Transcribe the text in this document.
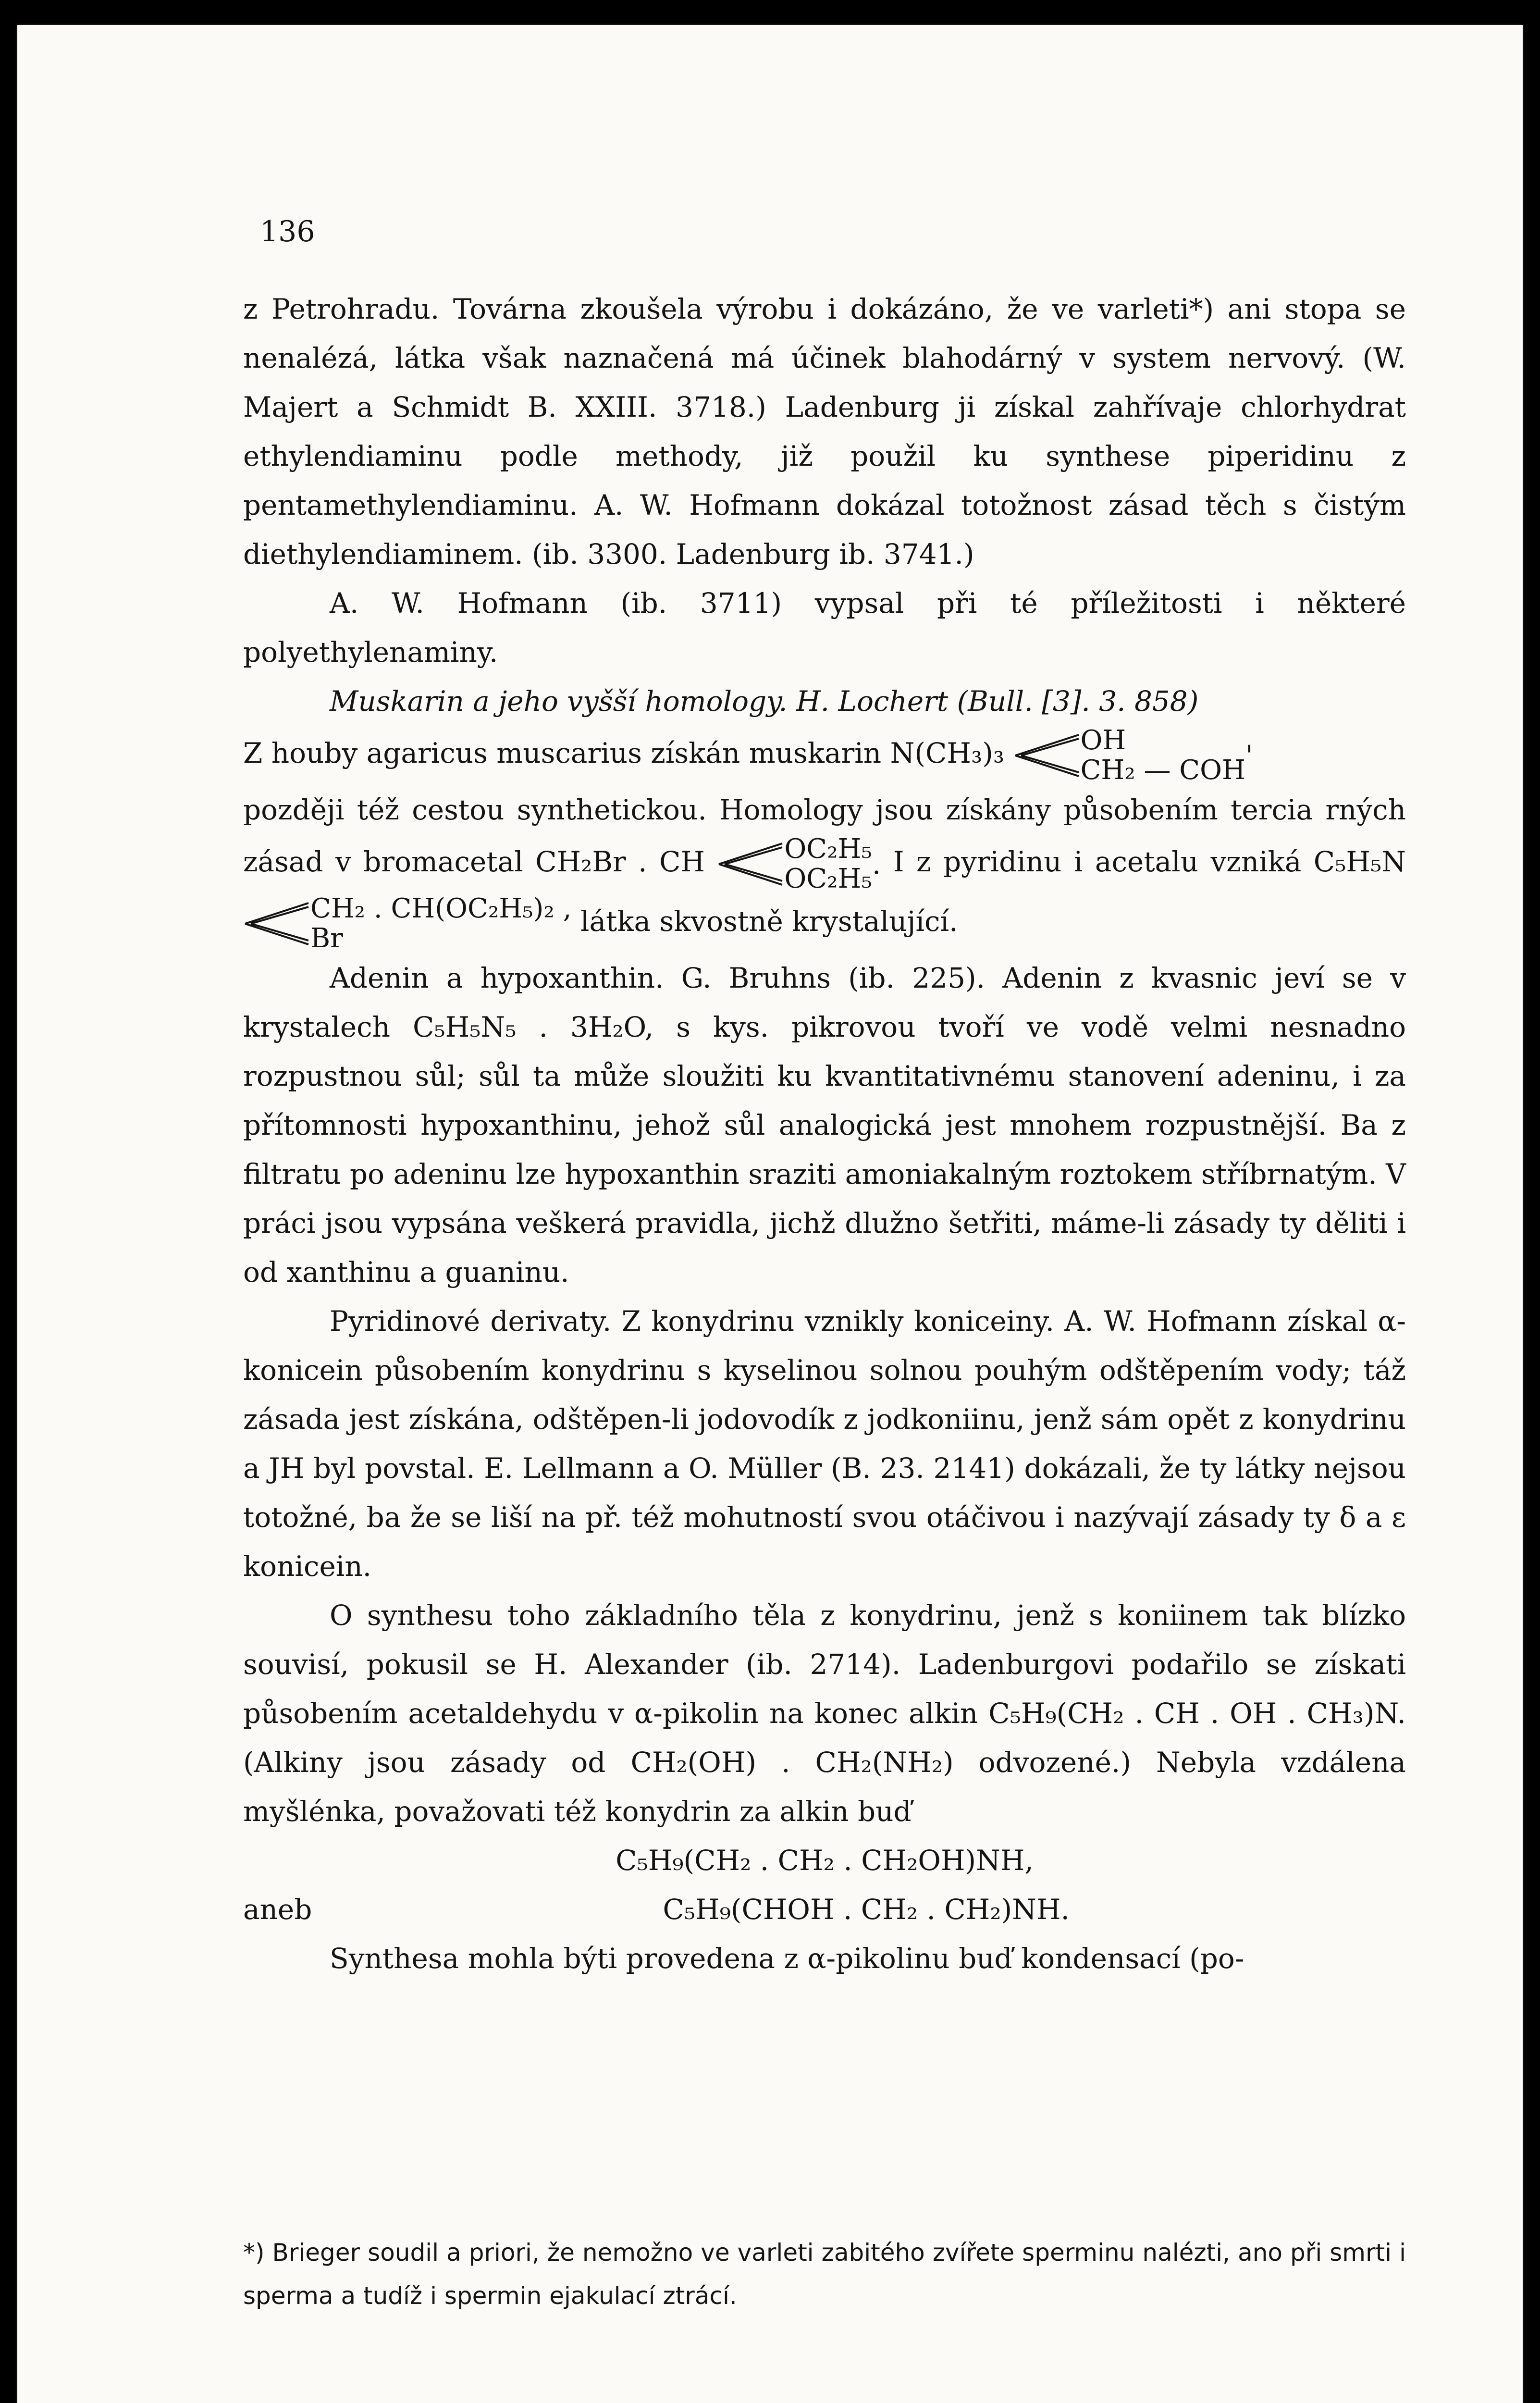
136

z Petrohradu. Továrna zkoušela výrobu i dokázáno, že ve varleti*) ani stopa se nenalézá, látka však naznačená má účinek blahodárný v system nervový. (W. Majert a Schmidt B. XXIII. 3718.) Ladenburg ji získal zahřívaje chlorhydrat ethylendiaminu podle methody, již použil ku synthese piperidinu z pentamethylendiaminu. A. W. Hofmann dokázal totožnost zásad těch s čistým diethylendiaminem. (ib. 3300. Ladenburg ib. 3741.)

A. W. Hofmann (ib. 3711) vypsal při té příležitosti i některé polyethylenaminy.

Muskarin a jeho vyšší homology. H. Lochert (Bull. [3]. 3. 858)

Z houby agaricus muscarius získán muskarin N(CH₃)₃	OH
CH₂ — COH '

později též cestou synthetickou. Homology jsou získány působením tercia rných zásad v bromacetal CH₂Br . CH	OC₂H₅
OC₂H₅ . I z pyridinu i acetalu vzniká C₅H₅N
CH₂ . CH(OC₂H₅)₂ ,
Br
látka skvostně krystalující.

Adenin a hypoxanthin. G. Bruhns (ib. 225). Adenin z kvasnic jeví se v krystalech C₅H₅N₅ . 3H₂O, s kys. pikrovou tvoří ve vodě velmi nesnadno rozpustnou sůl; sůl ta může sloužiti ku kvantitativnému stanovení adeninu, i za přítomnosti hypoxanthinu, jehož sůl analogická jest mnohem rozpustnější. Ba z filtratu po adeninu lze hypoxanthin sraziti amoniakalným roztokem stříbrnatým. V práci jsou vypsána veškerá pravidla, jichž dlužno šetřiti, máme-li zásady ty děliti i od xanthinu a guaninu.

Pyridinové derivaty. Z konydrinu vznikly koniceiny. A. W. Hofmann získal α-konicein působením konydrinu s kyselinou solnou pouhým odštěpením vody; táž zásada jest získána, odštěpen-li jodovodík z jodkoniinu, jenž sám opět z konydrinu a JH byl povstal. E. Lellmann a O. Müller (B. 23. 2141) dokázali, že ty látky nejsou totožné, ba že se liší na př. též mohutností svou otáčivou i nazývají zásady ty δ a ε konicein.

O synthesu toho základního těla z konydrinu, jenž s koniinem tak blízko souvisí, pokusil se H. Alexander (ib. 2714). Ladenburgovi podařilo se získati působením acetaldehydu v α-pikolin na konec alkin C₅H₉(CH₂ . CH . OH . CH₃)N. (Alkiny jsou zásady od CH₂(OH) . CH₂(NH₂) odvozené.) Nebyla vzdálena myšlénka, považovati též konydrin za alkin buď

C₅H₉(CH₂ . CH₂ . CH₂OH)NH,

aneb	C₅H₉(CHOH . CH₂ . CH₂)NH.

Synthesa mohla býti provedena z α-pikolinu buď kondensací (po-

*) Brieger soudil a priori, že nemožno ve varleti zabitého zvířete sperminu nalézti, ano při smrti i sperma a tudíž i spermin ejakulací ztrácí.
